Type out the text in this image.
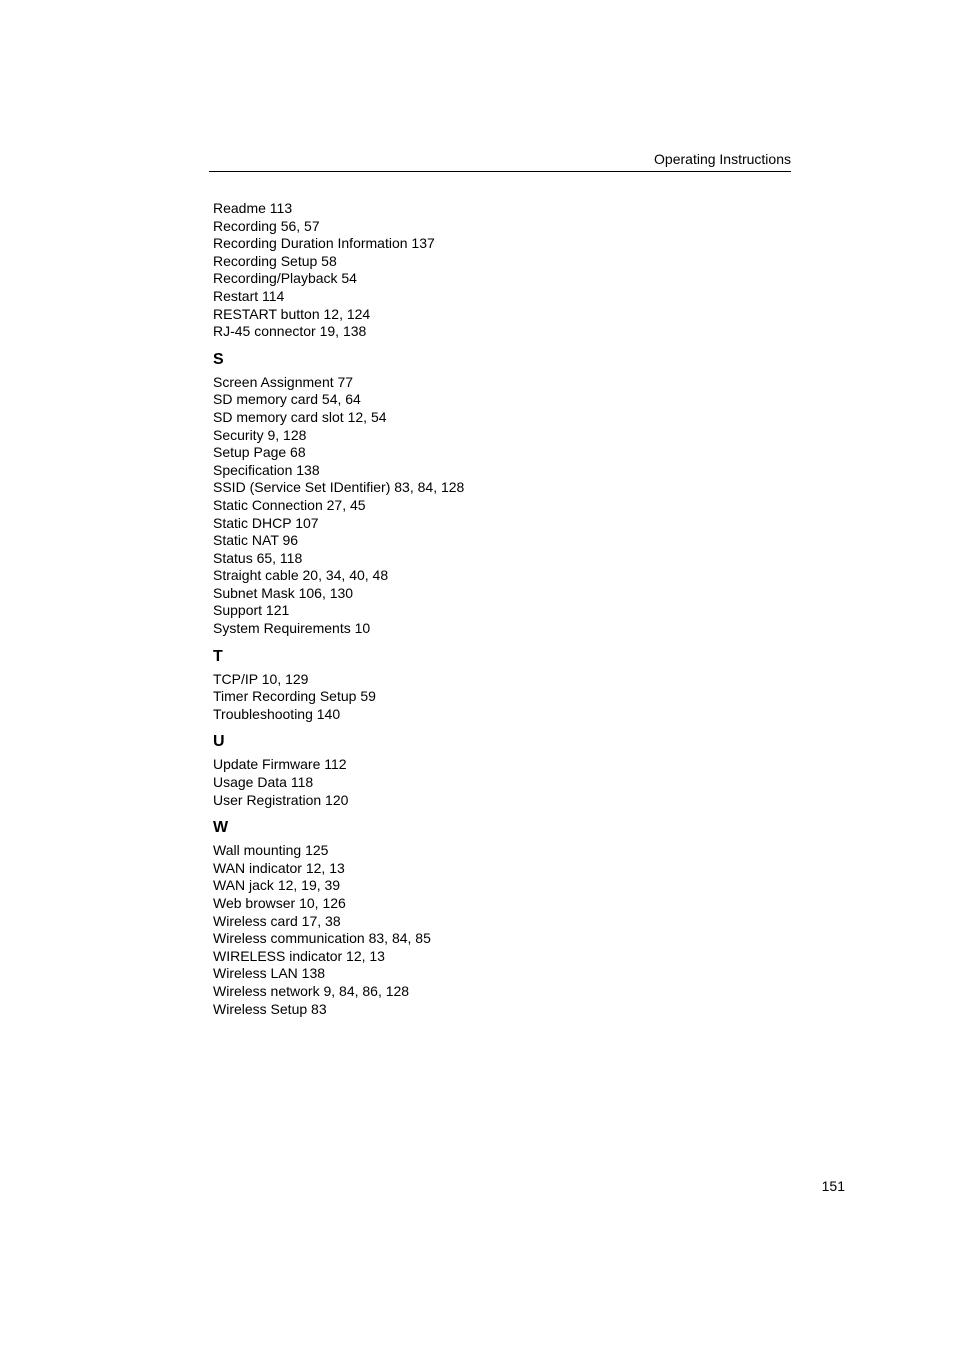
Operating Instructions
Readme 113
Recording 56, 57
Recording Duration Information 137
Recording Setup 58
Recording/Playback 54
Restart 114
RESTART button 12, 124
RJ-45 connector 19, 138
S
Screen Assignment 77
SD memory card 54, 64
SD memory card slot 12, 54
Security 9, 128
Setup Page 68
Specification 138
SSID (Service Set IDentifier) 83, 84, 128
Static Connection 27, 45
Static DHCP 107
Static NAT 96
Status 65, 118
Straight cable 20, 34, 40, 48
Subnet Mask 106, 130
Support 121
System Requirements 10
T
TCP/IP 10, 129
Timer Recording Setup 59
Troubleshooting 140
U
Update Firmware 112
Usage Data 118
User Registration 120
W
Wall mounting 125
WAN indicator 12, 13
WAN jack 12, 19, 39
Web browser 10, 126
Wireless card 17, 38
Wireless communication 83, 84, 85
WIRELESS indicator 12, 13
Wireless LAN 138
Wireless network 9, 84, 86, 128
Wireless Setup 83
151
